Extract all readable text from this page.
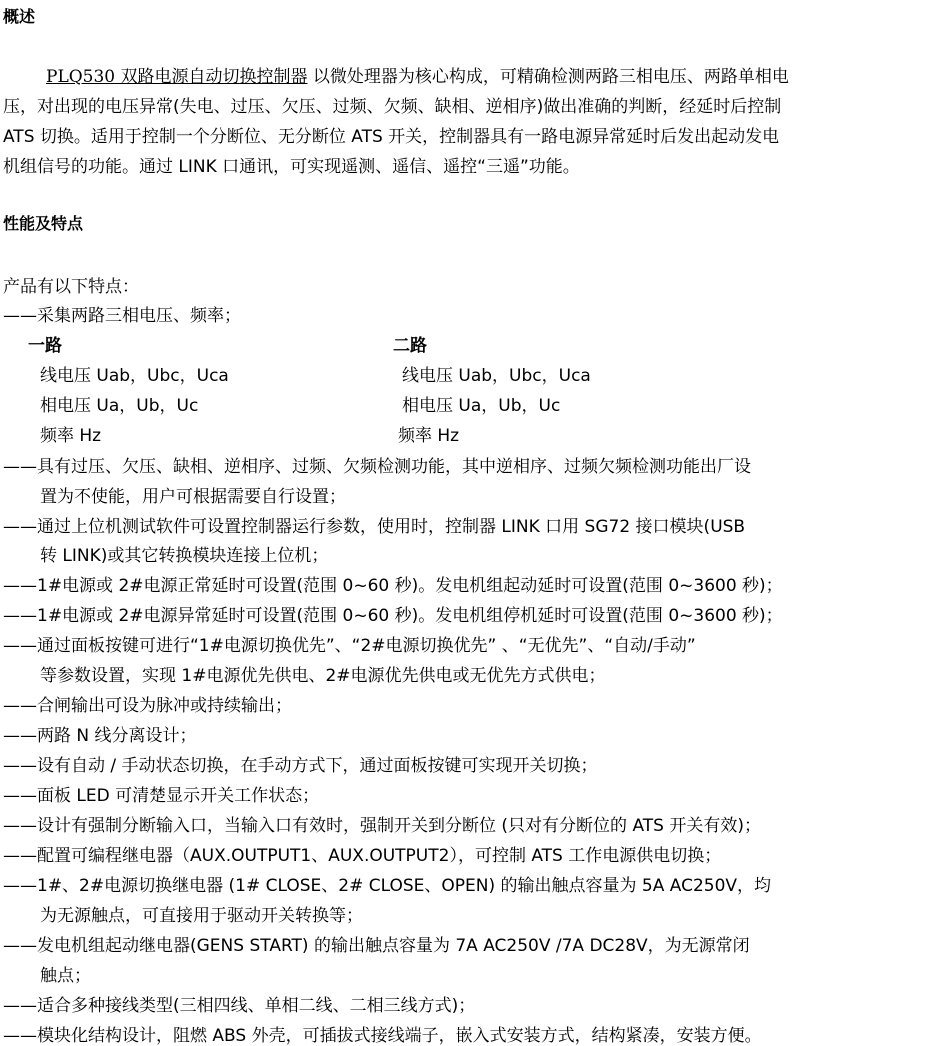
概述
PLQ530 双路电源自动切换控制器 以微处理器为核心构成，可精确检测两路三相电压、两路单相电
压，对出现的电压异常(失电、过压、欠压、过频、欠频、缺相、逆相序)做出准确的判断，经延时后控制
ATS 切换。适用于控制一个分断位、无分断位 ATS 开关，控制器具有一路电源异常延时后发出起动发电
机组信号的功能。通过 LINK 口通讯，可实现遥测、遥信、遥控“三遥”功能。
性能及特点
产品有以下特点：
——采集两路三相电压、频率；
一路	二路
线电压 Uab，Ubc，Uca	线电压 Uab，Ubc，Uca
相电压 Ua，Ub，Uc	相电压 Ua，Ub，Uc
频率 Hz	频率 Hz
——具有过压、欠压、缺相、逆相序、过频、欠频检测功能，其中逆相序、过频欠频检测功能出厂设
置为不使能，用户可根据需要自行设置；
——通过上位机测试软件可设置控制器运行参数，使用时，控制器 LINK 口用 SG72 接口模块(USB
转 LINK)或其它转换模块连接上位机；
——1#电源或 2#电源正常延时可设置(范围 0~60 秒)。发电机组起动延时可设置(范围 0~3600 秒)；
——1#电源或 2#电源异常延时可设置(范围 0~60 秒)。发电机组停机延时可设置(范围 0~3600 秒)；
——通过面板按键可进行“1#电源切换优先”、“2#电源切换优先” 、“无优先”、“自动/手动”
等参数设置，实现 1#电源优先供电、2#电源优先供电或无优先方式供电；
——合闸输出可设为脉冲或持续输出；
——两路 N 线分离设计；
——设有自动 / 手动状态切换，在手动方式下，通过面板按键可实现开关切换；
——面板 LED 可清楚显示开关工作状态；
——设计有强制分断输入口，当输入口有效时，强制开关到分断位 (只对有分断位的 ATS 开关有效)；
——配置可编程继电器（AUX.OUTPUT1、AUX.OUTPUT2），可控制 ATS 工作电源供电切换；
——1#、2#电源切换继电器 (1# CLOSE、2# CLOSE、OPEN) 的输出触点容量为 5A AC250V，均
为无源触点，可直接用于驱动开关转换等；
——发电机组起动继电器(GENS START) 的输出触点容量为 7A AC250V /7A DC28V，为无源常闭
触点；
——适合多种接线类型(三相四线、单相二线、二相三线方式)；
——模块化结构设计，阻燃 ABS 外壳，可插拔式接线端子，嵌入式安装方式，结构紧凑，安装方便。
